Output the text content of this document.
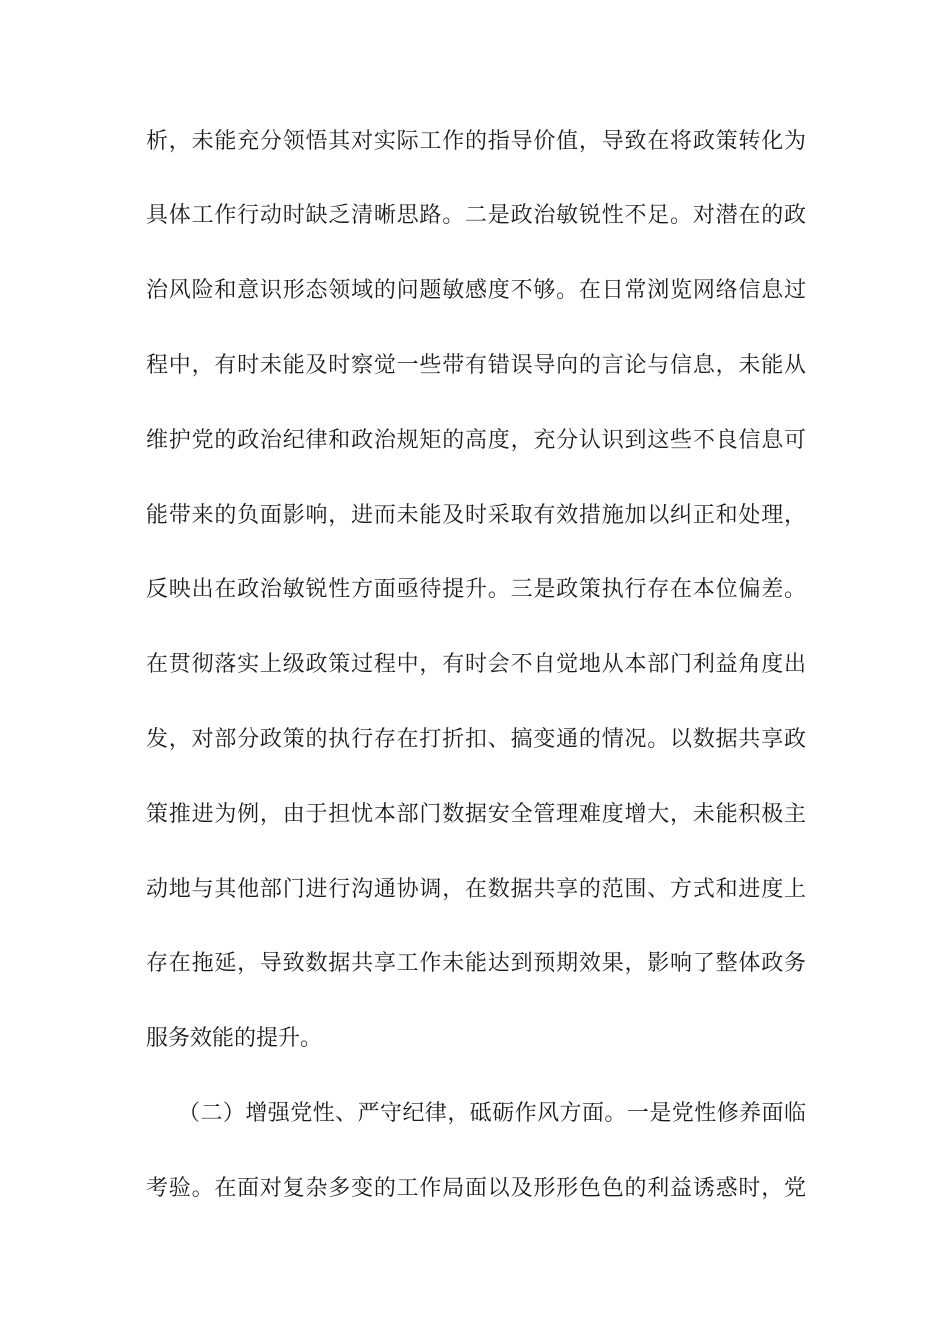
析，未能充分领悟其对实际工作的指导价值，导致在将政策转化为
具体工作行动时缺乏清晰思路。二是政治敏锐性不足。对潜在的政
治风险和意识形态领域的问题敏感度不够。在日常浏览网络信息过
程中，有时未能及时察觉一些带有错误导向的言论与信息，未能从
维护党的政治纪律和政治规矩的高度，充分认识到这些不良信息可
能带来的负面影响，进而未能及时采取有效措施加以纠正和处理，
反映出在政治敏锐性方面亟待提升。三是政策执行存在本位偏差。
在贯彻落实上级政策过程中，有时会不自觉地从本部门利益角度出
发，对部分政策的执行存在打折扣、搞变通的情况。以数据共享政
策推进为例，由于担忧本部门数据安全管理难度增大，未能积极主
动地与其他部门进行沟通协调，在数据共享的范围、方式和进度上
存在拖延，导致数据共享工作未能达到预期效果，影响了整体政务
服务效能的提升。
（二）增强党性、严守纪律，砥砺作风方面。一是党性修养面临
考验。在面对复杂多变的工作局面以及形形色色的利益诱惑时，党
